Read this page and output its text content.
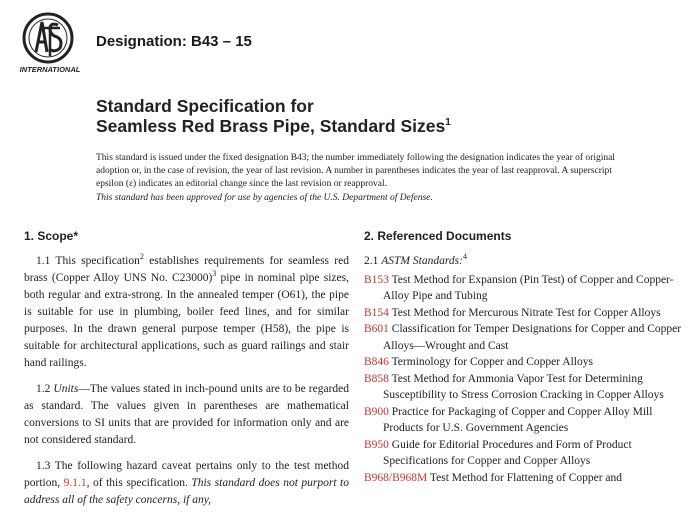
INTERNATIONAL
Designation: B43 – 15
Standard Specification for
Seamless Red Brass Pipe, Standard Sizes$^1$
This standard is issued under the fixed designation B43; the number immediately following the designation indicates the year of original adoption or, in the case of revision, the year of last revision. A number in parentheses indicates the year of last reapproval. A superscript epsilon (ε) indicates an editorial change since the last revision or reapproval.
This standard has been approved for use by agencies of the U.S. Department of Defense.
1. Scope*

1.1 This specification$^2$ establishes requirements for seamless red brass (Copper Alloy UNS No. C23000)$^3$ pipe in nominal pipe sizes, both regular and extra-strong. In the annealed temper (O61), the pipe is suitable for use in plumbing, boiler feed lines, and for similar purposes. In the drawn general purpose temper (H58), the pipe is suitable for architectural applications, such as guard railings and stair hand railings.

1.2 Units—The values stated in inch-pound units are to be regarded as standard. The values given in parentheses are mathematical conversions to SI units that are provided for information only and are not considered standard.

1.3 The following hazard caveat pertains only to the test method portion, 9.1.1, of this specification. This standard does not purport to address all of the safety concerns, if any,

2. Referenced Documents

2.1 ASTM Standards:$^4$

B153 Test Method for Expansion (Pin Test) of Copper and Copper-Alloy Pipe and Tubing

B154 Test Method for Mercurous Nitrate Test for Copper Alloys

B601 Classification for Temper Designations for Copper and Copper Alloys—Wrought and Cast

B846 Terminology for Copper and Copper Alloys

B858 Test Method for Ammonia Vapor Test for Determining Susceptibility to Stress Corrosion Cracking in Copper Alloys

B900 Practice for Packaging of Copper and Copper Alloy Mill Products for U.S. Government Agencies

B950 Guide for Editorial Procedures and Form of Product Specifications for Copper and Copper Alloys

B968/B968M Test Method for Flattening of Copper and
